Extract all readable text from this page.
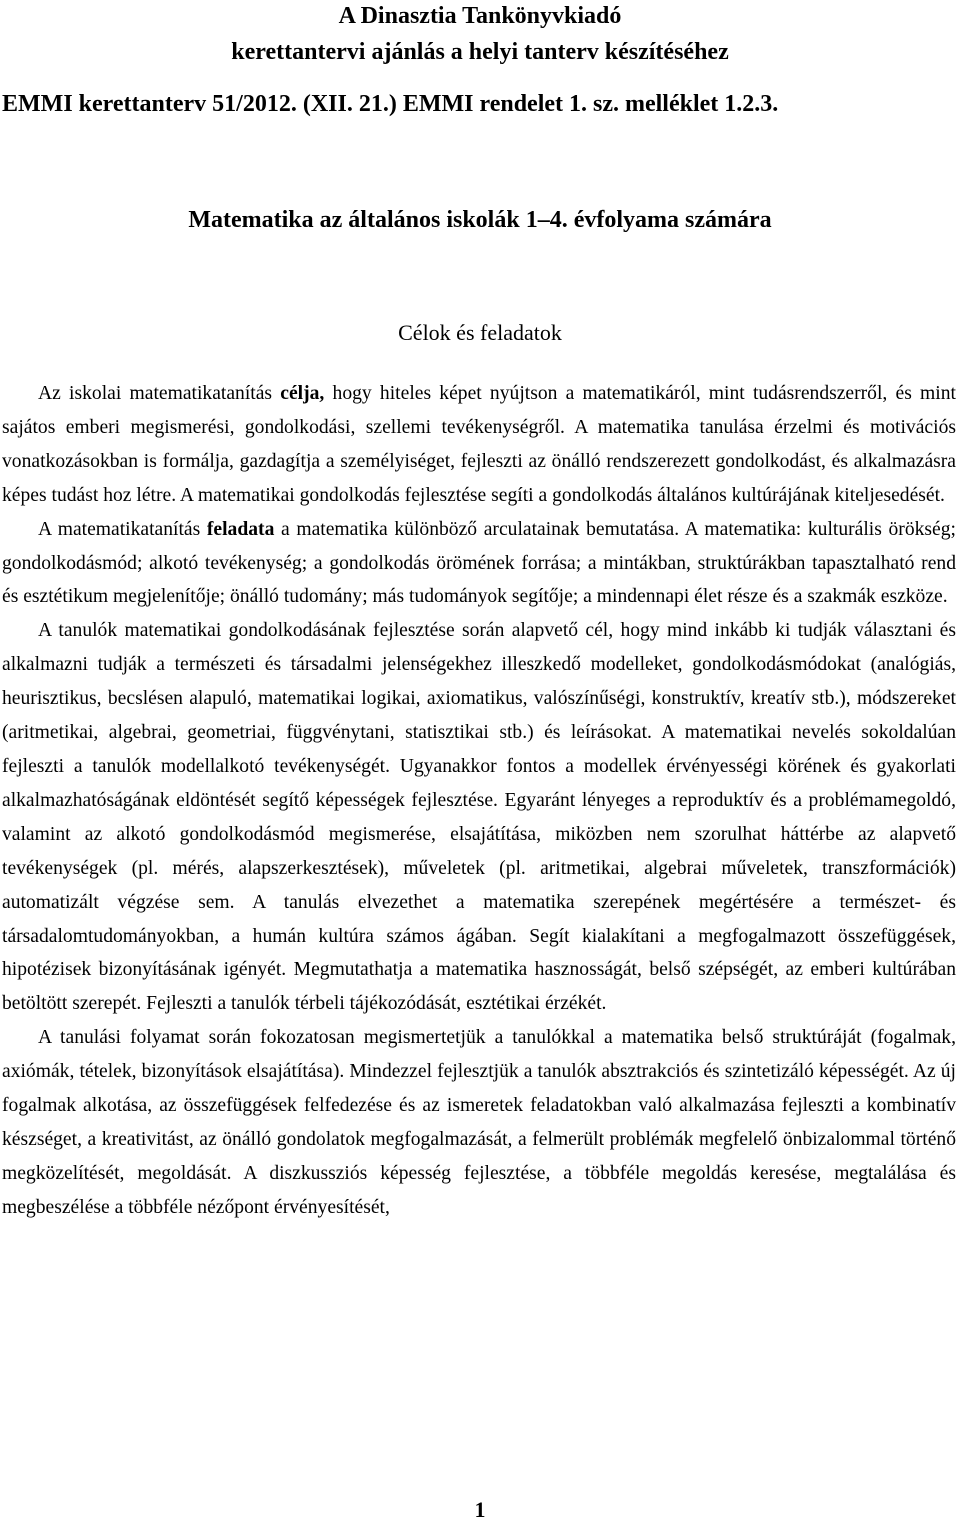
A Dinasztia Tankönyvkiadó
kerettantervi ajánlás a helyi tanterv készítéséhez
EMMI kerettanterv 51/2012. (XII. 21.) EMMI rendelet 1. sz. melléklet 1.2.3.
Matematika az általános iskolák 1–4. évfolyama számára
Célok és feladatok

Az iskolai matematikatanítás célja, hogy hiteles képet nyújtson a matematikáról, mint tudásrendszerről, és mint sajátos emberi megismerési, gondolkodási, szellemi tevékenységről. A matematika tanulása érzelmi és motivációs vonatkozásokban is formálja, gazdagítja a személyiséget, fejleszti az önálló rendszerezett gondolkodást, és alkalmazásra képes tudást hoz létre. A matematikai gondolkodás fejlesztése segíti a gondolkodás általános kultúrájának kiteljesedését.

A matematikatanítás feladata a matematika különböző arculatainak bemutatása. A matematika: kulturális örökség; gondolkodásmód; alkotó tevékenység; a gondolkodás örömének forrása; a mintákban, struktúrákban tapasztalható rend és esztétikum megjelenítője; önálló tudomány; más tudományok segítője; a mindennapi élet része és a szakmák eszköze.

A tanulók matematikai gondolkodásának fejlesztése során alapvető cél, hogy mind inkább ki tudják választani és alkalmazni tudják a természeti és társadalmi jelenségekhez illeszkedő modelleket, gondolkodásmódokat (analógiás, heurisztikus, becslésen alapuló, matematikai logikai, axiomatikus, valószínűségi, konstruktív, kreatív stb.), módszereket (aritmetikai, algebrai, geometriai, függvénytani, statisztikai stb.) és leírásokat. A matematikai nevelés sokoldalúan fejleszti a tanulók modellalkotó tevékenységét. Ugyanakkor fontos a modellek érvényességi körének és gyakorlati alkalmazhatóságának eldöntését segítő képességek fejlesztése. Egyaránt lényeges a reproduktív és a problémamegoldó, valamint az alkotó gondolkodásmód megismerése, elsajátítása, miközben nem szorulhat háttérbe az alapvető tevékenységek (pl. mérés, alapszerkesztések), műveletek (pl. aritmetikai, algebrai műveletek, transzformációk) automatizált végzése sem. A tanulás elvezethet a matematika szerepének megértésére a természet- és társadalomtudományokban, a humán kultúra számos ágában. Segít kialakítani a megfogalmazott összefüggések, hipotézisek bizonyításának igényét. Megmutathatja a matematika hasznosságát, belső szépségét, az emberi kultúrában betöltött szerepét. Fejleszti a tanulók térbeli tájékozódását, esztétikai érzékét.

A tanulási folyamat során fokozatosan megismertetjük a tanulókkal a matematika belső struktúráját (fogalmak, axiómák, tételek, bizonyítások elsajátítása). Mindezzel fejlesztjük a tanulók absztrakciós és szintetizáló képességét. Az új fogalmak alkotása, az összefüggések felfedezése és az ismeretek feladatokban való alkalmazása fejleszti a kombinatív készséget, a kreativitást, az önálló gondolatok megfogalmazását, a felmerült problémák megfelelő önbizalommal történő megközelítését, megoldását. A diszkussziós képesség fejlesztése, a többféle megoldás keresése, megtalálása és megbeszélése a többféle nézőpont érvényesítését,

1
